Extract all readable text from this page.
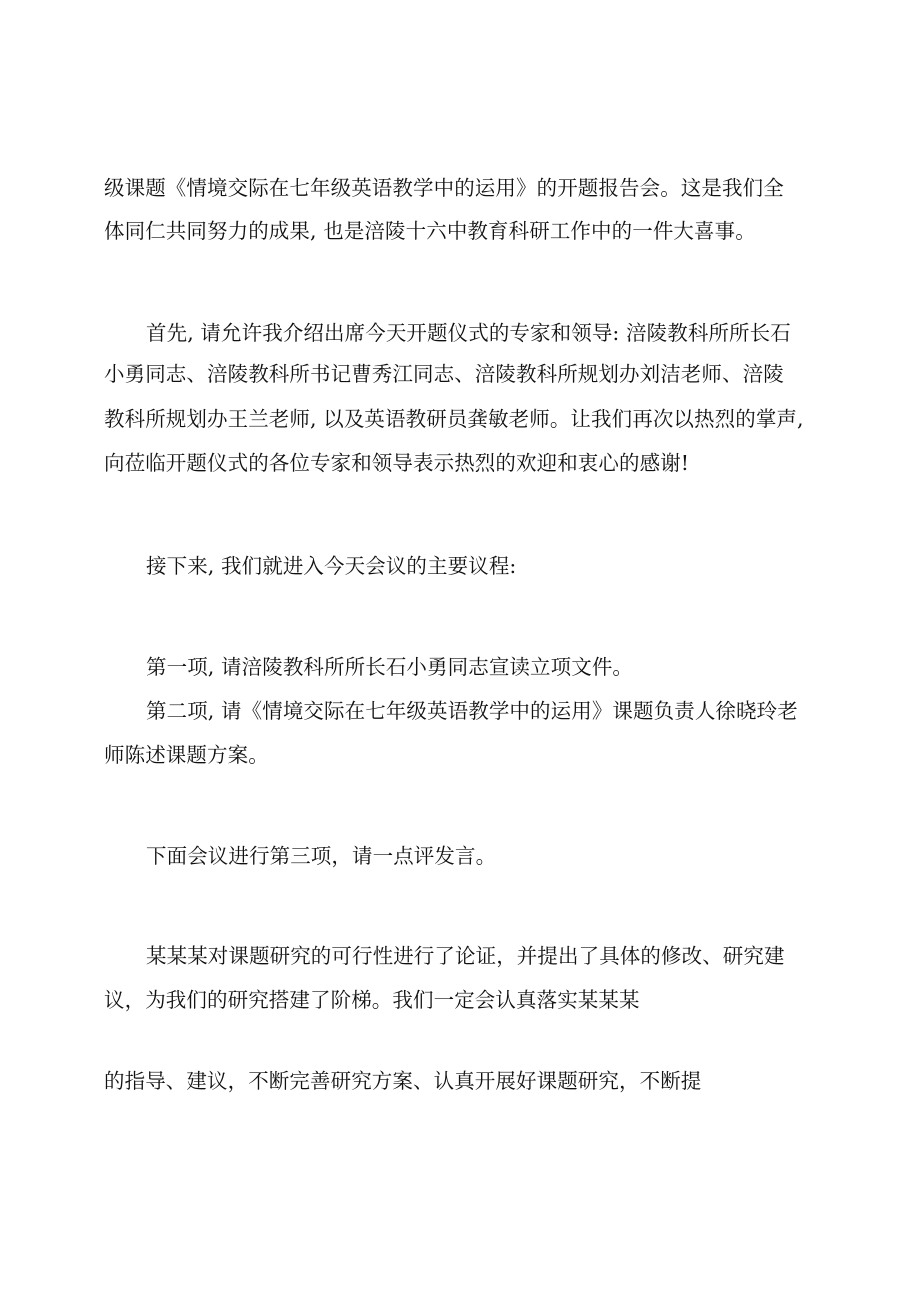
级课题《情境交际在七年级英语教学中的运用》的开题报告会。这是我们全
体同仁共同努力的成果, 也是涪陵十六中教育科研工作中的一件大喜事。
首先, 请允许我介绍出席今天开题仪式的专家和领导: 涪陵教科所所长石
小勇同志、涪陵教科所书记曹秀江同志、涪陵教科所规划办刘洁老师、涪陵
教科所规划办王兰老师, 以及英语教研员龚敏老师。让我们再次以热烈的掌声,
向莅临开题仪式的各位专家和领导表示热烈的欢迎和衷心的感谢!
接下来, 我们就进入今天会议的主要议程:
第一项, 请涪陵教科所所长石小勇同志宣读立项文件。
第二项, 请《情境交际在七年级英语教学中的运用》课题负责人徐晓玲老
师陈述课题方案。
下面会议进行第三项，请一点评发言。
某某某对课题研究的可行性进行了论证，并提出了具体的修改、研究建
议，为我们的研究搭建了阶梯。我们一定会认真落实某某某
的指导、建议，不断完善研究方案、认真开展好课题研究，不断提
